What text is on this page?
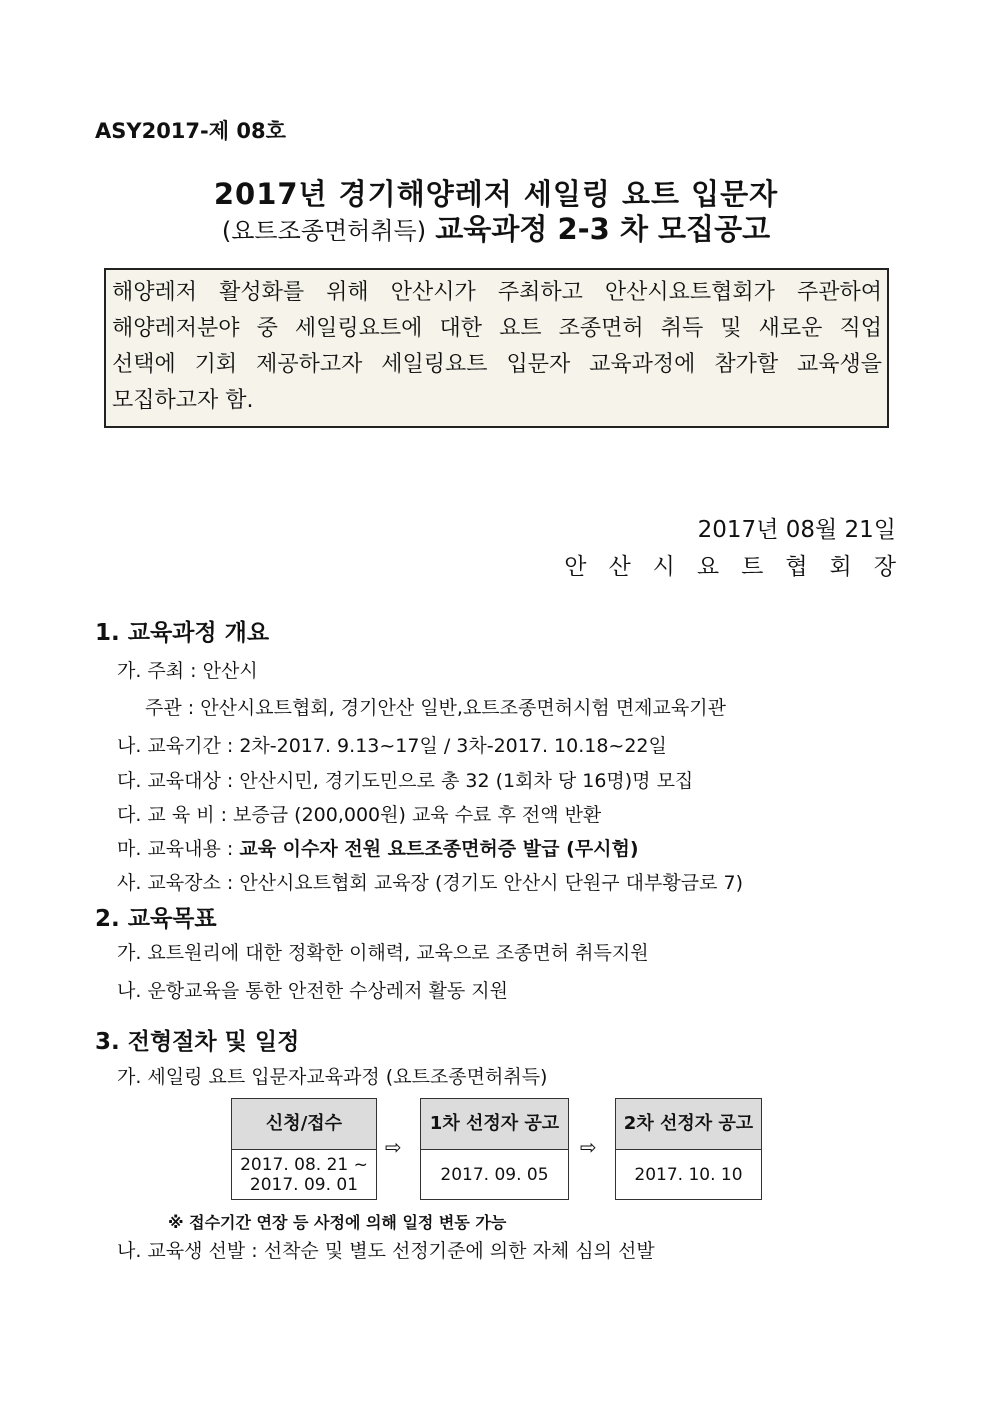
ASY2017-제 08호
2017년 경기해양레저 세일링 요트 입문자
(요트조종면허취득) 교육과정 2-3 차 모집공고
해양레저 활성화를 위해 안산시가 주최하고 안산시요트협회가 주관하여
해양레저분야 중 세일링요트에 대한 요트 조종면허 취득 및 새로운 직업
선택에 기회 제공하고자 세일링요트 입문자 교육과정에 참가할 교육생을
모집하고자 함.
2017년 08월 21일
안산시요트협회장
1. 교육과정 개요
가. 주최 : 안산시
주관 : 안산시요트협회, 경기안산 일반,요트조종면허시험 면제교육기관
나. 교육기간 : 2차-2017. 9.13~17일 / 3차-2017. 10.18~22일
다. 교육대상 : 안산시민, 경기도민으로 총 32 (1회차 당 16명)명 모집
다. 교 육 비 : 보증금 (200,000원) 교육 수료 후 전액 반환
마. 교육내용 : 교육 이수자 전원 요트조종면허증 발급 (무시험)
사. 교육장소 : 안산시요트협회 교육장 (경기도 안산시 단원구 대부황금로 7)
2. 교육목표
가. 요트원리에 대한 정확한 이해력, 교육으로 조종면허 취득지원
나. 운항교육을 통한 안전한 수상레저 활동 지원
3. 전형절차 및 일정
가. 세일링 요트 입문자교육과정 (요트조종면허취득)
신청/접수
2017. 08. 21 ~
2017. 09. 01
⇨
1차 선정자 공고
2017. 09. 05
⇨
2차 선정자 공고
2017. 10. 10
※ 접수기간 연장 등 사정에 의해 일정 변동 가능
나. 교육생 선발 : 선착순 및 별도 선정기준에 의한 자체 심의 선발
